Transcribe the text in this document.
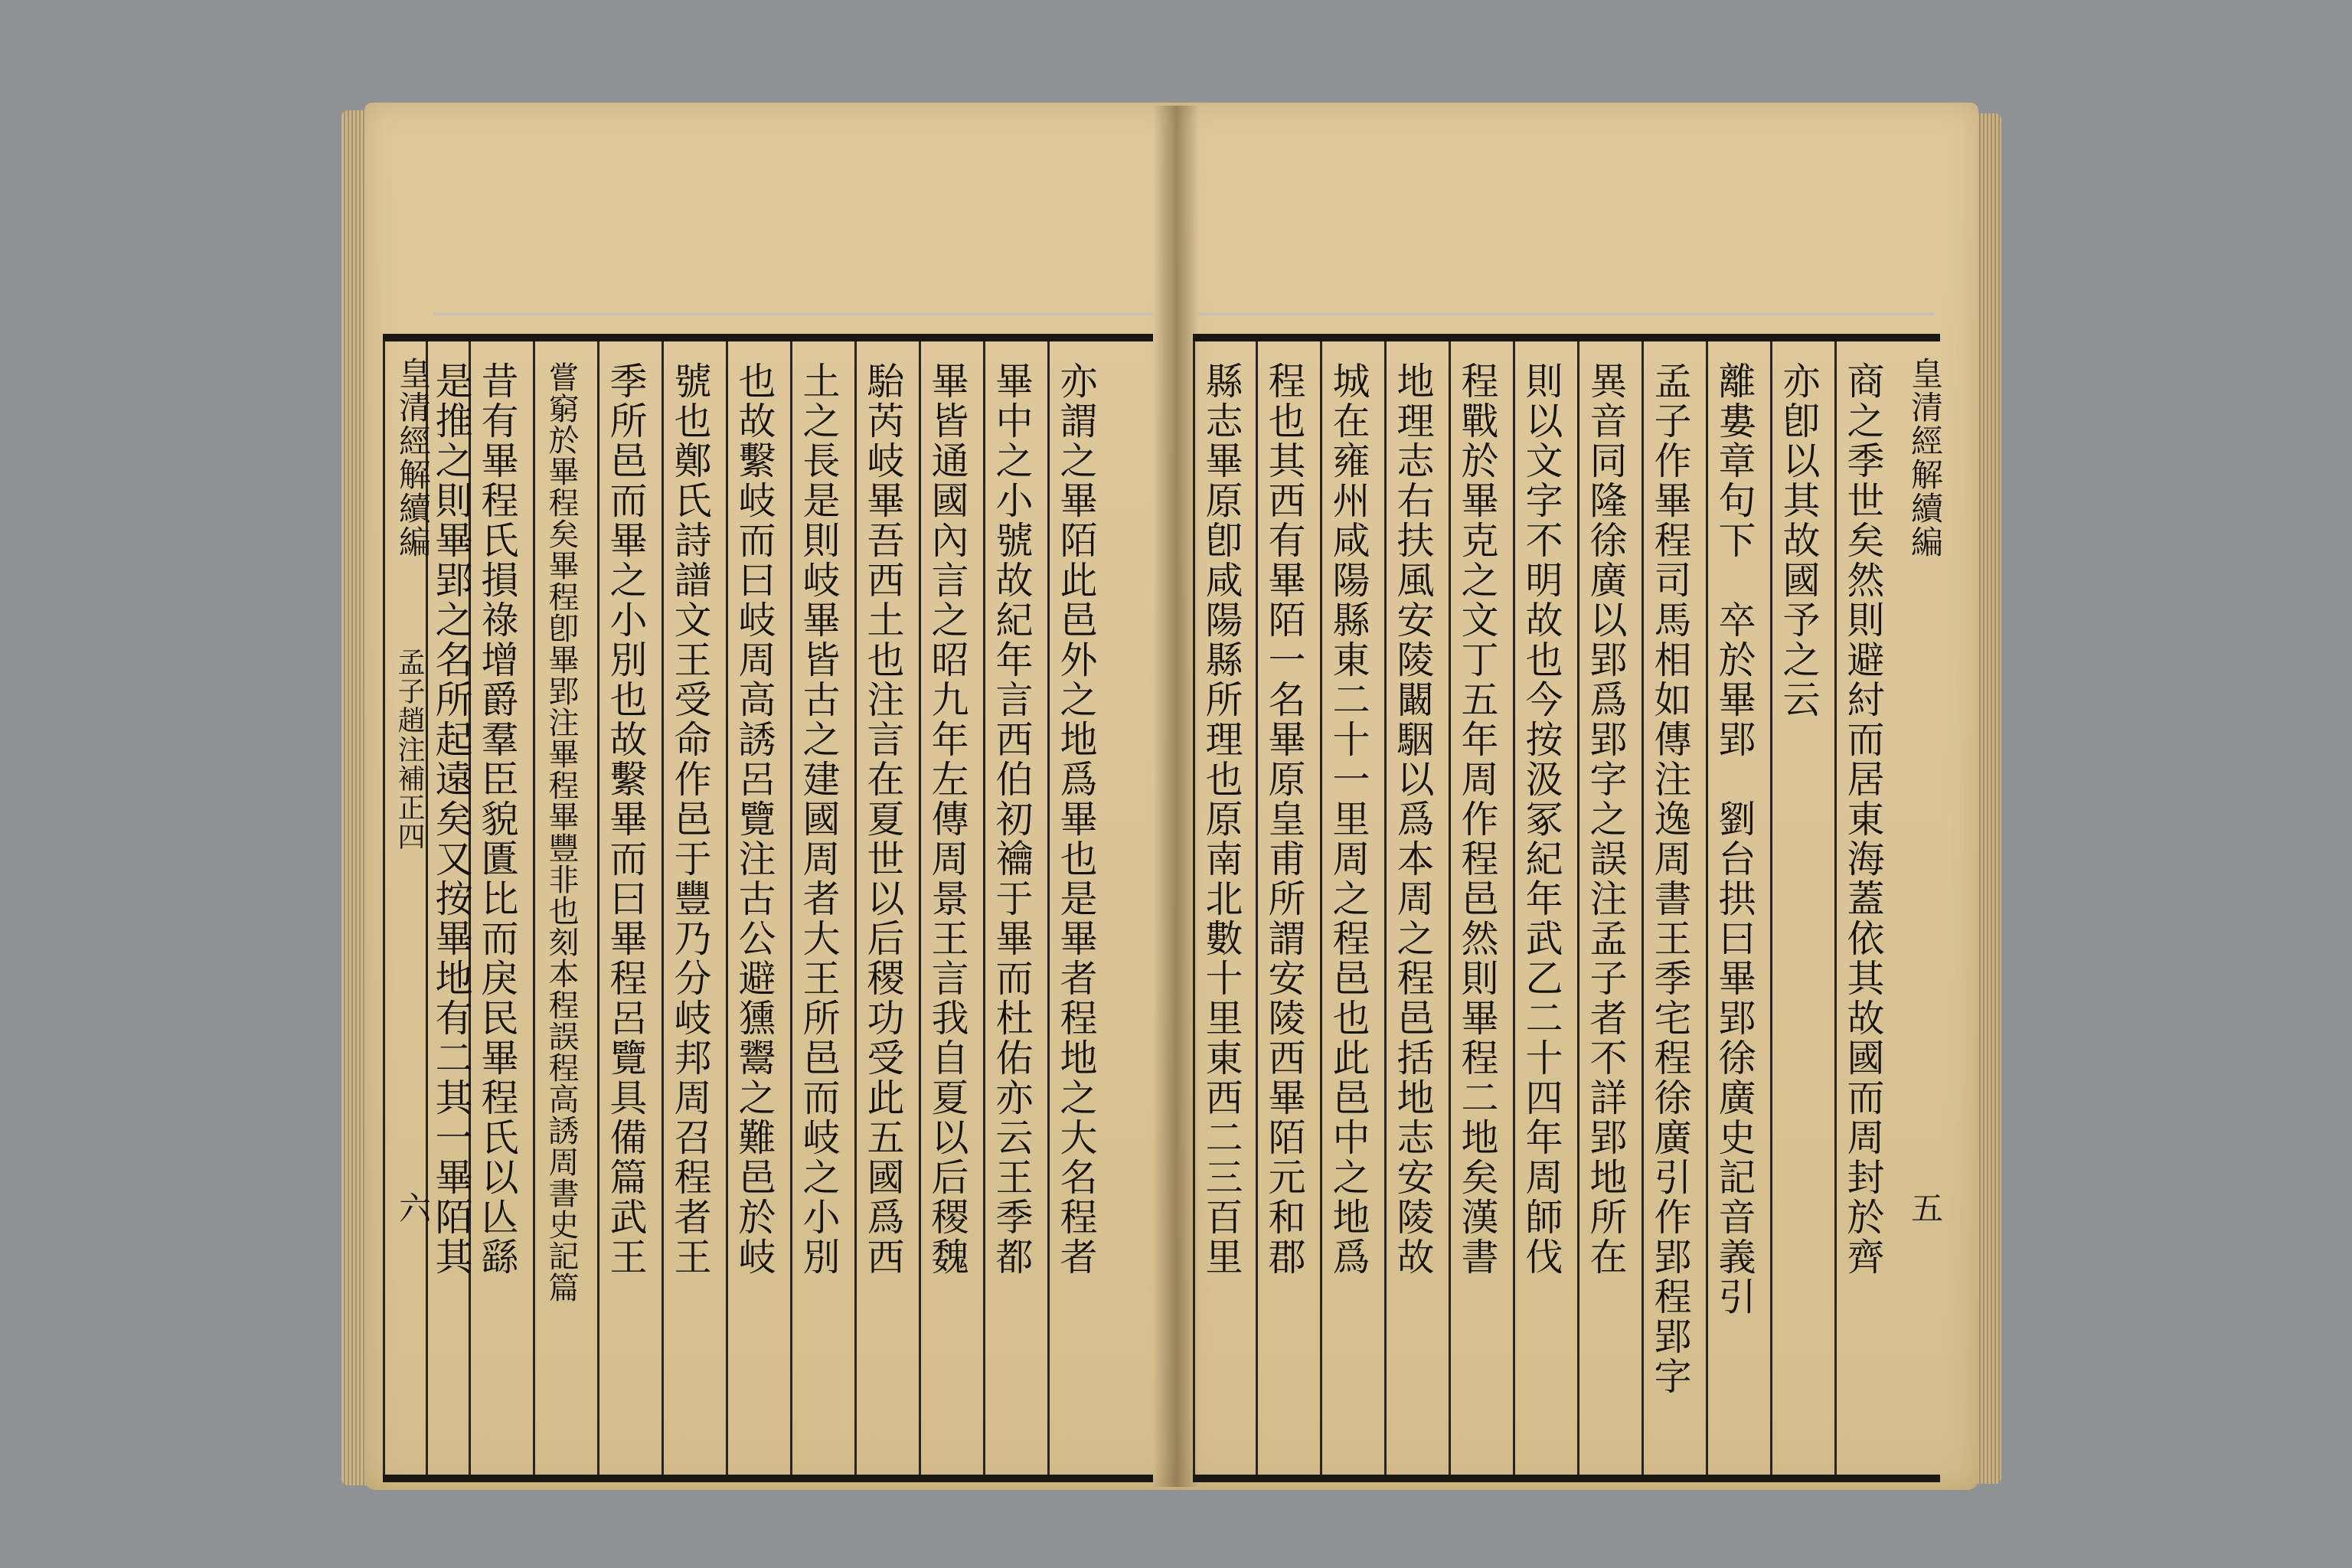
皇清經解續編
五
商之季世矣然則避紂而居東海蓋依其故國而周封於齊
亦卽以其故國予之云
離婁章句下　卒於畢郢　劉台拱曰畢郢徐廣史記音義引
孟子作畢程司馬相如傳注逸周書王季宅程徐廣引作郢程郢字
異音同隆徐廣以郢爲郢字之誤注孟子者不詳郢地所在
則以文字不明故也今按汲冢紀年武乙二十四年周師伐
程戰於畢克之文丁五年周作程邑然則畢程二地矣漢書
地理志右扶風安陵闞駰以爲本周之程邑括地志安陵故
城在雍州咸陽縣東二十一里周之程邑也此邑中之地爲
程也其西有畢陌一名畢原皇甫所謂安陵西畢陌元和郡
縣志畢原卽咸陽縣所理也原南北數十里東西二三百里
亦謂之畢陌此邑外之地爲畢也是畢者程地之大名程者
畢中之小號故紀年言西伯初禴于畢而杜佑亦云王季都
畢皆通國內言之昭九年左傳周景王言我自夏以后稷魏
駘芮岐畢吾西土也注言在夏世以后稷功受此五國爲西
土之長是則岐畢皆古之建國周者大王所邑而岐之小別
也故繫岐而曰岐周高誘呂覽注古公避獯鬻之難邑於岐
號也鄭氏詩譜文王受命作邑于豐乃分岐邦周召程者王
季所邑而畢之小別也故繫畢而曰畢程呂覽具備篇武王
嘗窮於畢程矣畢程卽畢郢注畢程畢豐非也刻本程誤程高誘周書史記篇
昔有畢程氏損祿增爵羣臣貌匱比而戾民畢程氏以亾繇
是推之則畢郢之名所起遠矣又按畢地有二其一畢陌其
皇清經解續編
孟子趙注補正四
六
